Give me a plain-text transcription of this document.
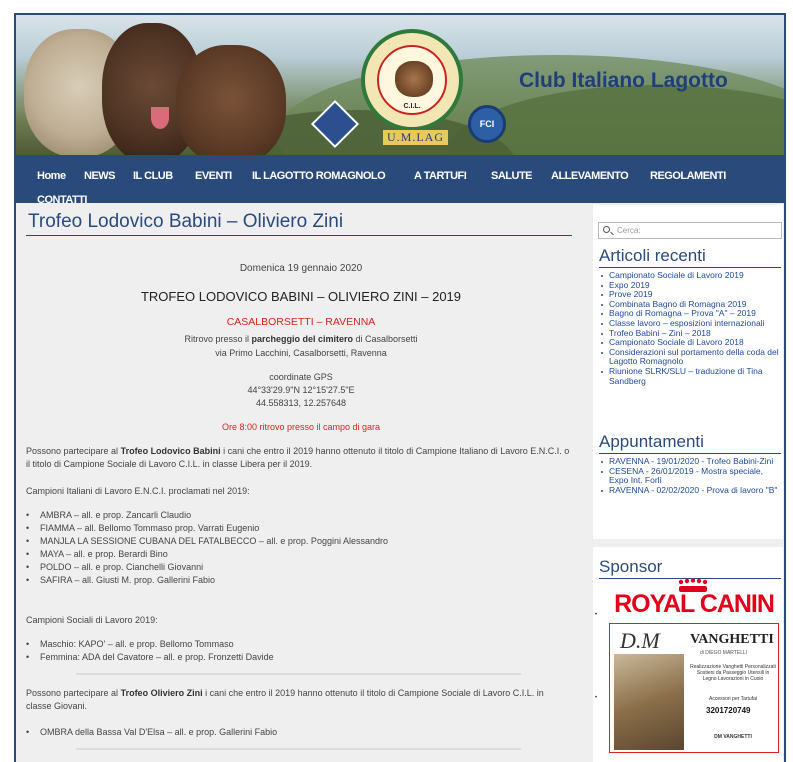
C.I.L.
U.M.LAG
FCI
Club Italiano Lagotto
Home NEWS IL CLUB EVENTI IL LAGOTTO ROMAGNOLO	A TARTUFI SALUTE ALLEVAMENTO REGOLAMENTI
CONTATTI
Trofeo Lodovico Babini – Oliviero Zini
Domenica 19 gennaio 2020
TROFEO LODOVICO BABINI – OLIVIERO ZINI – 2019
CASALBORSETTI – RAVENNA
Ritrovo presso il parcheggio del cimitero di Casalborsetti
via Primo Lacchini, Casalborsetti, Ravenna
coordinate GPS
44°33'29.9"N 12°15'27.5"E
44.558313, 12.257648
Ore 8:00 ritrovo presso il campo di gara
Possono partecipare al Trofeo Lodovico Babini i cani che entro il 2019 hanno ottenuto il titolo di Campione Italiano di Lavoro E.N.C.I. o il titolo di Campione Sociale di Lavoro C.I.L. in classe Libera per il 2019.
Campioni Italiani di Lavoro E.N.C.I. proclamati nel 2019:
• AMBRA – all. e prop. Zancarli Claudio
• FIAMMA – all. Bellomo Tommaso prop. Varrati Eugenio
• MANJLA LA SESSIONE CUBANA DEL FATALBECCO – all. e prop. Poggini Alessandro
• MAYA – all. e prop. Berardi Bino
• POLDO – all. e prop. Cianchelli Giovanni
• SAFIRA – all. Giusti M. prop. Gallerini Fabio
Campioni Sociali di Lavoro 2019:
• Maschio: KAPO' – all. e prop. Bellomo Tommaso
• Femmina: ADA del Cavatore – all. e prop. Fronzetti Davide
Possono partecipare al Trofeo Oliviero Zini i cani che entro il 2019 hanno ottenuto il titolo di Campione Sociale di Lavoro C.I.L. in classe Giovani.
• OMBRA della Bassa Val D'Elsa – all. e prop. Gallerini Fabio
Cerca:
Articoli recenti
Campionato Sociale di Lavoro 2019
Expo 2019
Prove 2019
Combinata Bagno di Romagna 2019
Bagno di Romagna – Prova "A" – 2019
Classe lavoro – esposizioni internazionali
Trofeo Babini – Zini – 2018
Campionato Sociale di Lavoro 2018
Considerazioni sul portamento della coda del Lagotto Romagnolo
Riunione SLRK/SLU – traduzione di Tina Sandberg
Appuntamenti
RAVENNA - 19/01/2020 - Trofeo Babini-Zini
CESENA - 26/01/2019 - Mostra speciale, Expo Int. Forlì
RAVENNA - 02/02/2020 - Prova di lavoro "B"
Sponsor
• ROYAL CANIN
•
D.M VANGHETTI
di DIEGO MARTELLI
Realizzazione Vanghetti Personalizzati Sostieni da Passeggio Utensili in Legno Lavorazioni in Cuoio
Accessori per Tartufai
3201720749
DM VANGHETTI
